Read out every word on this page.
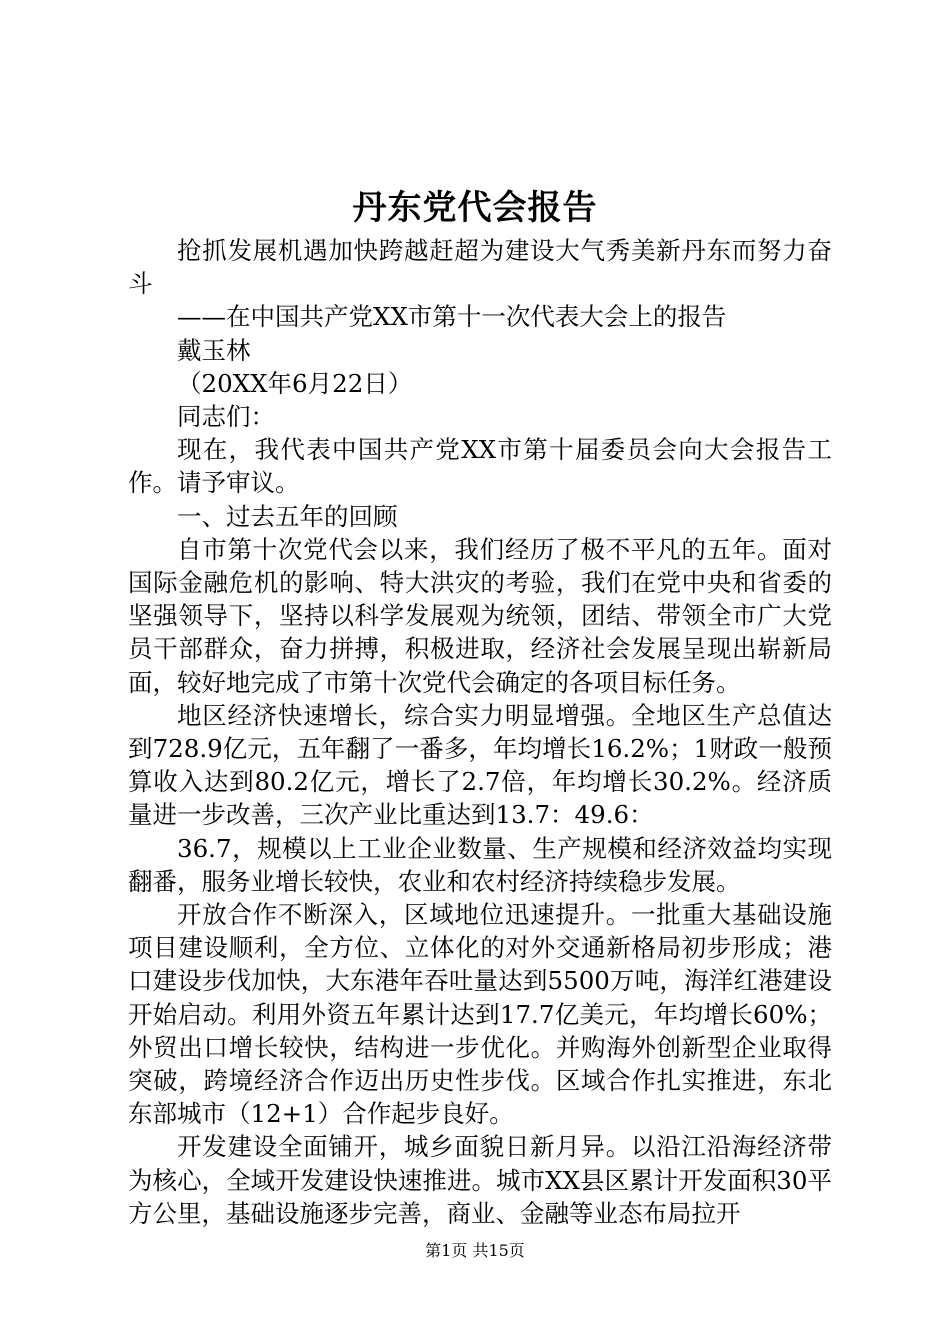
丹东党代会报告

抢抓发展机遇加快跨越赶超为建设大气秀美新丹东而努力奋斗

——在中国共产党XX市第十一次代表大会上的报告

戴玉林

（20XX年6月22日）

同志们：

现在，我代表中国共产党XX市第十届委员会向大会报告工作。请予审议。

一、过去五年的回顾

自市第十次党代会以来，我们经历了极不平凡的五年。面对国际金融危机的影响、特大洪灾的考验，我们在党中央和省委的坚强领导下，坚持以科学发展观为统领，团结、带领全市广大党员干部群众，奋力拼搏，积极进取，经济社会发展呈现出崭新局面，较好地完成了市第十次党代会确定的各项目标任务。

地区经济快速增长，综合实力明显增强。全地区生产总值达到728.9亿元，五年翻了一番多，年均增长16.2%；1财政一般预算收入达到80.2亿元，增长了2.7倍，年均增长30.2%。经济质量进一步改善，三次产业比重达到13.7：49.6：

36.7，规模以上工业企业数量、生产规模和经济效益均实现翻番，服务业增长较快，农业和农村经济持续稳步发展。

开放合作不断深入，区域地位迅速提升。一批重大基础设施项目建设顺利，全方位、立体化的对外交通新格局初步形成；港口建设步伐加快，大东港年吞吐量达到5500万吨，海洋红港建设开始启动。利用外资五年累计达到17.7亿美元，年均增长60%；外贸出口增长较快，结构进一步优化。并购海外创新型企业取得突破，跨境经济合作迈出历史性步伐。区域合作扎实推进，东北东部城市（12+1）合作起步良好。

开发建设全面铺开，城乡面貌日新月异。以沿江沿海经济带为核心，全域开发建设快速推进。城市XX县区累计开发面积30平方公里，基础设施逐步完善，商业、金融等业态布局拉开

第1页 共15页
